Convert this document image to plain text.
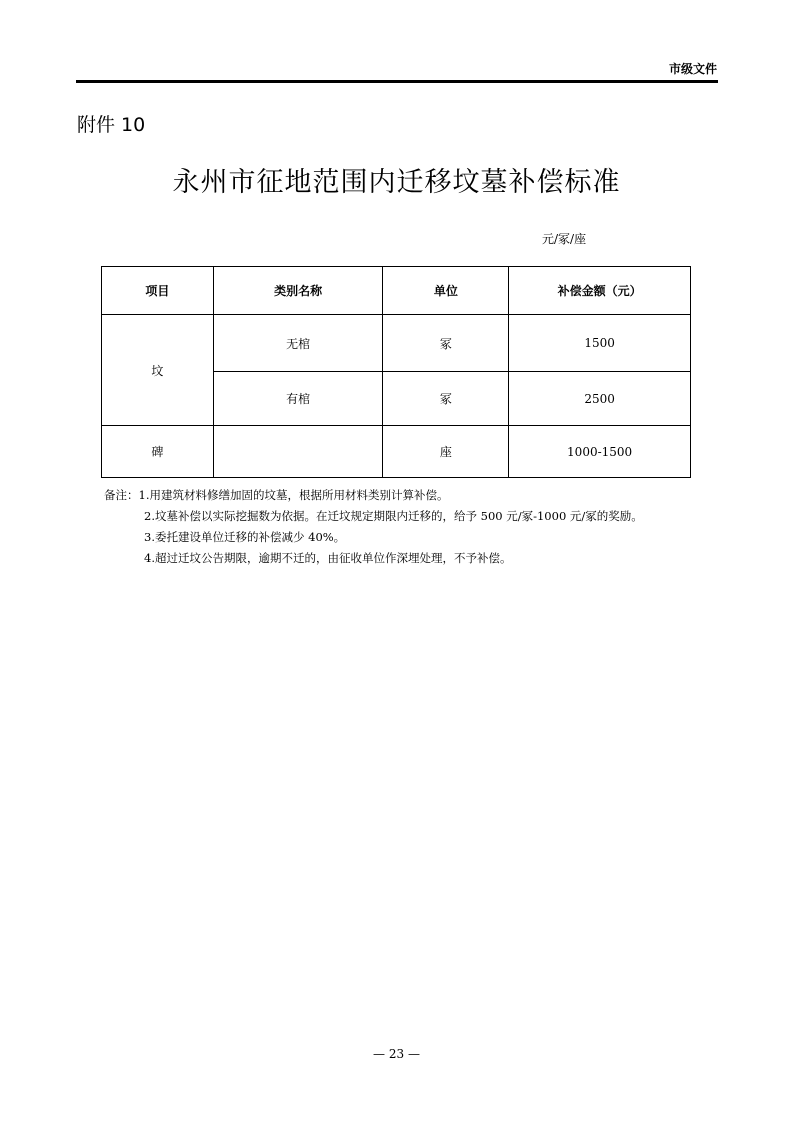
市级文件
附件 10
永州市征地范围内迁移坟墓补偿标准
元/冢/座
项目	类别名称	单位	补偿金额（元）
坟	无棺	冢	1500
	有棺	冢	2500
碑		座	1000-1500
备注：1.用建筑材料修缮加固的坟墓，根据所用材料类别计算补偿。
2.坟墓补偿以实际挖掘数为依据。在迁坟规定期限内迁移的，给予 500 元/冢-1000 元/冢的奖励。
3.委托建设单位迁移的补偿减少 40%。
4.超过迁坟公告期限，逾期不迁的，由征收单位作深埋处理，不予补偿。
— 23 —
